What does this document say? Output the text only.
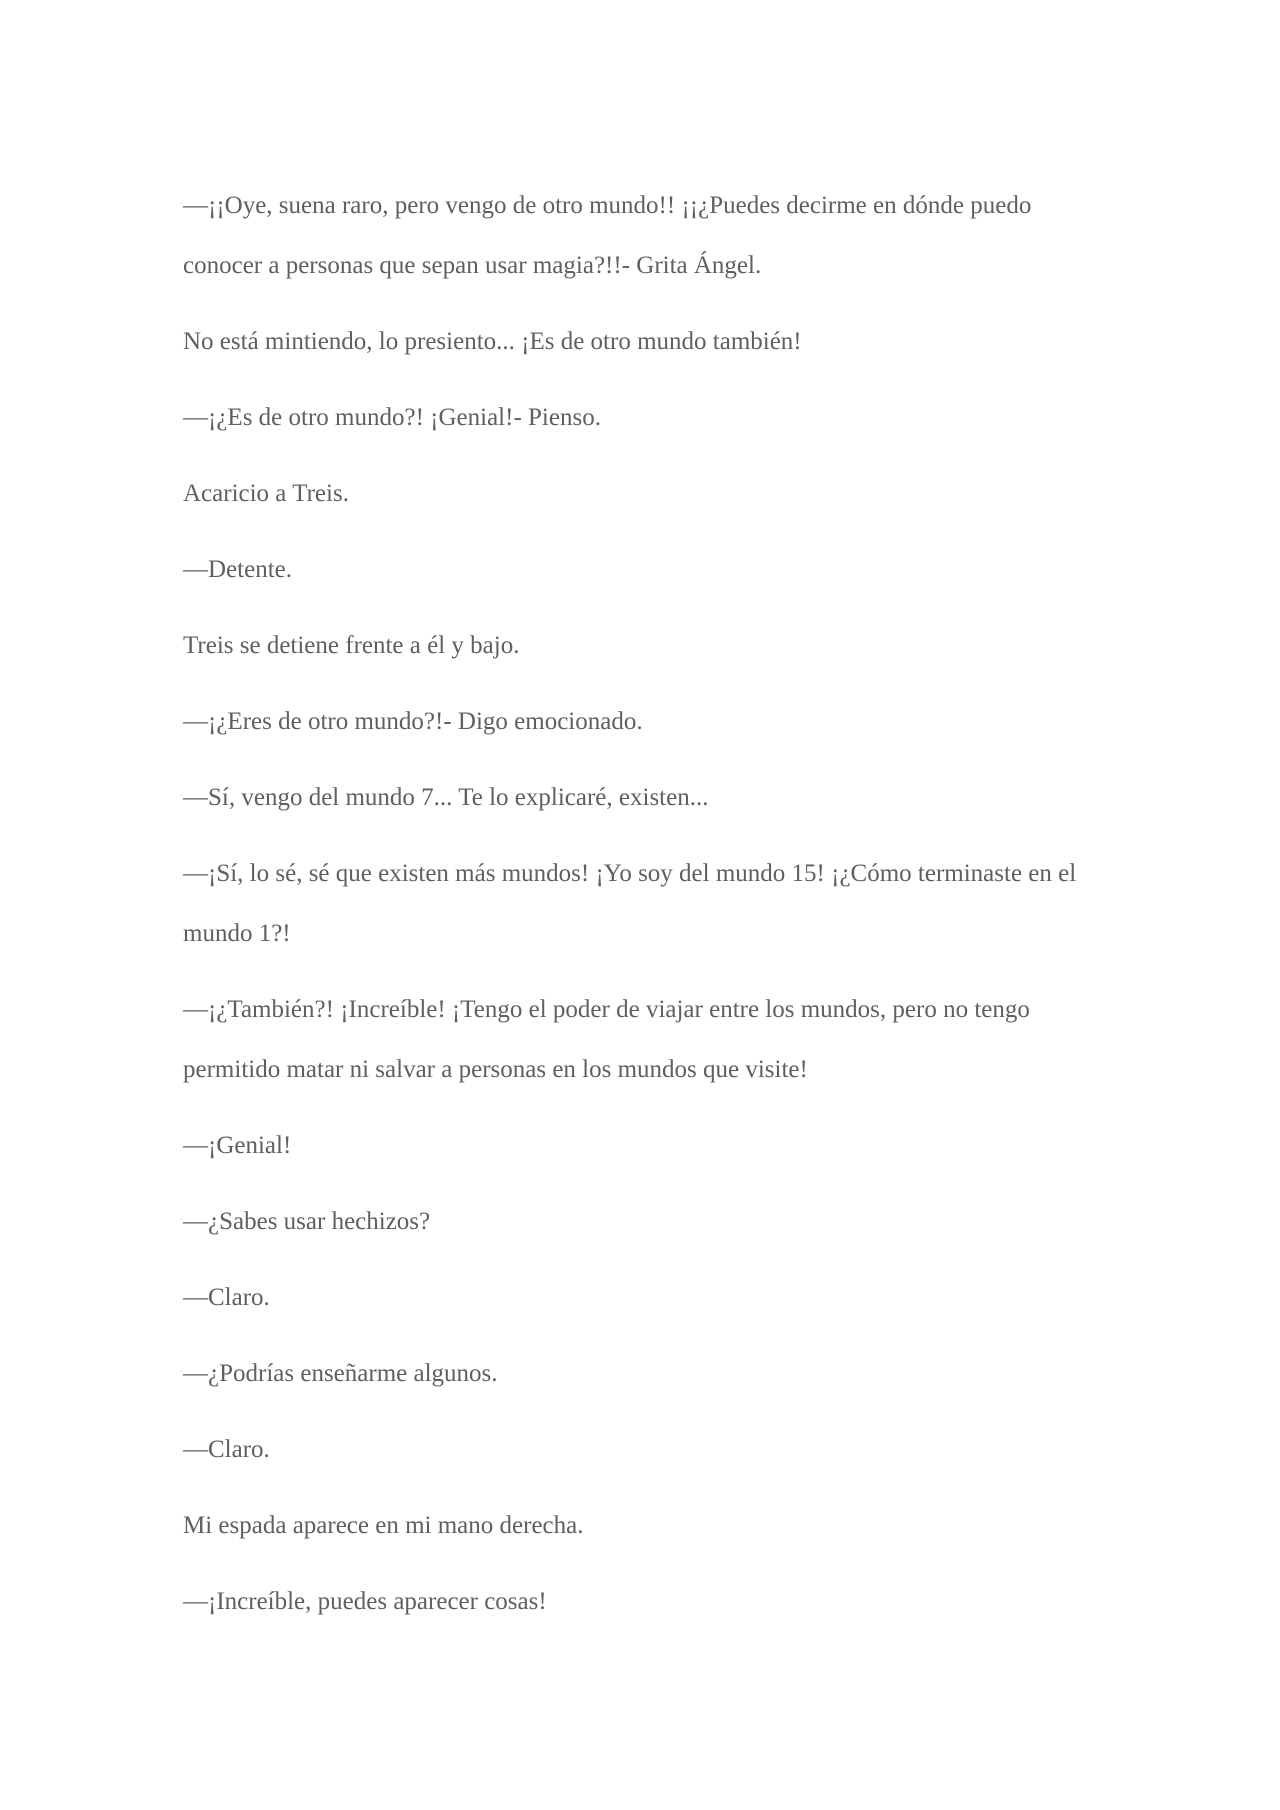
—¡¡Oye, suena raro, pero vengo de otro mundo!! ¡¡¿Puedes decirme en dónde puedo conocer a personas que sepan usar magia?!!- Grita Ángel.

No está mintiendo, lo presiento... ¡Es de otro mundo también!

—¡¿Es de otro mundo?! ¡Genial!- Pienso.

Acaricio a Treis.

—Detente.

Treis se detiene frente a él y bajo.

—¡¿Eres de otro mundo?!- Digo emocionado.

—Sí, vengo del mundo 7... Te lo explicaré, existen...

—¡Sí, lo sé, sé que existen más mundos! ¡Yo soy del mundo 15! ¡¿Cómo terminaste en el mundo 1?!

—¡¿También?! ¡Increíble! ¡Tengo el poder de viajar entre los mundos, pero no tengo permitido matar ni salvar a personas en los mundos que visite!

—¡Genial!

—¿Sabes usar hechizos?

—Claro.

—¿Podrías enseñarme algunos.

—Claro.

Mi espada aparece en mi mano derecha.

—¡Increíble, puedes aparecer cosas!
